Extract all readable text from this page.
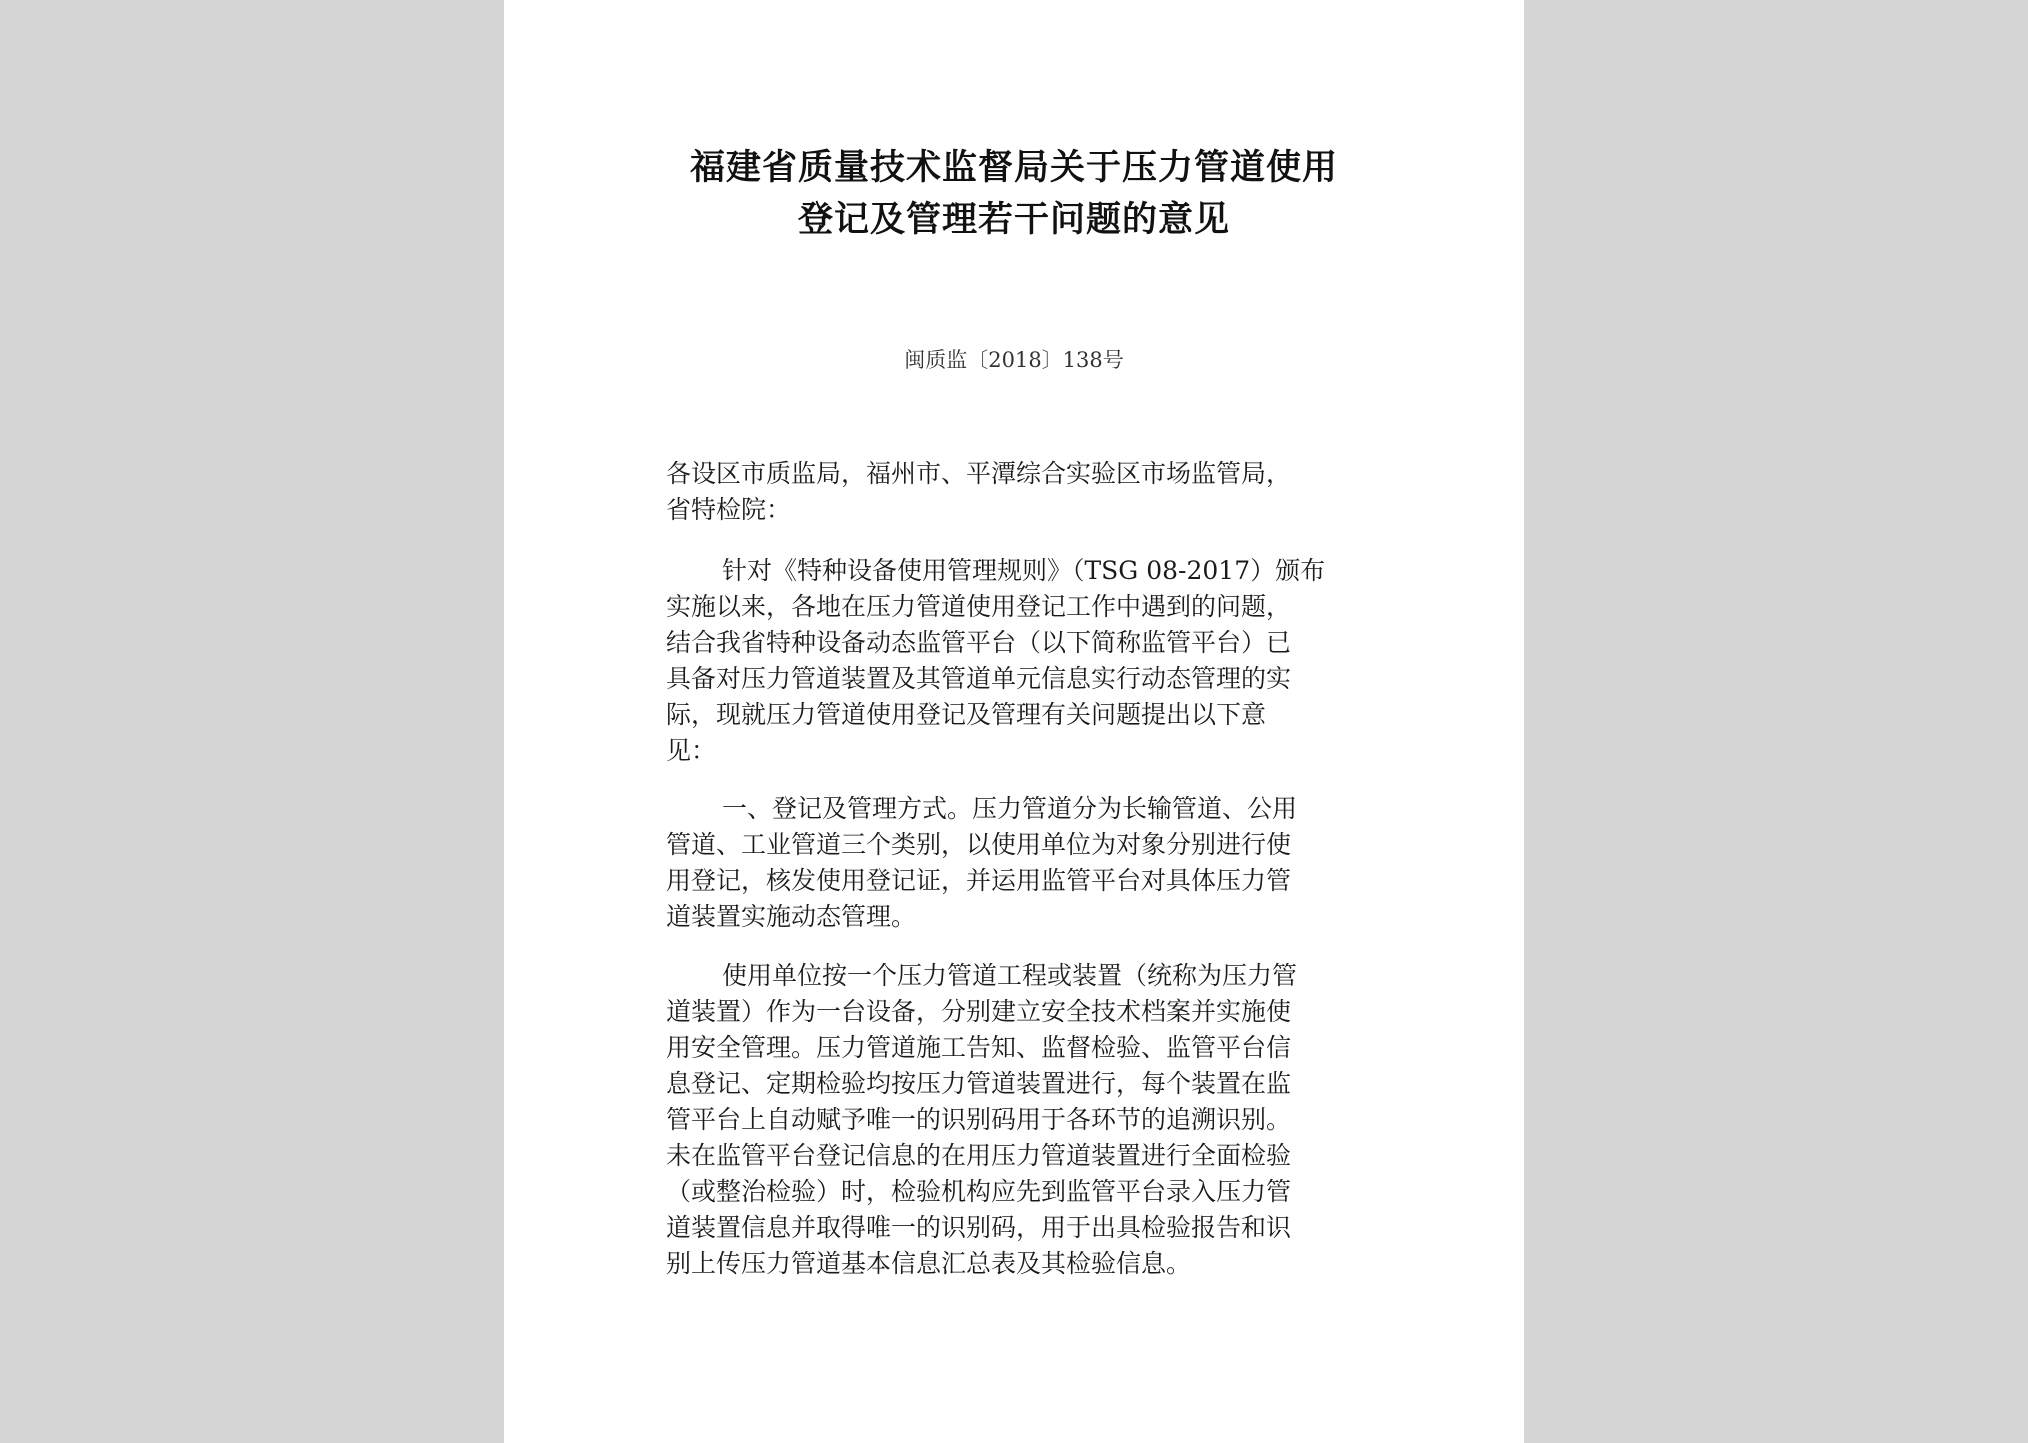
福建省质量技术监督局关于压力管道使用
登记及管理若干问题的意见
闽质监〔2018〕138号
各设区市质监局，福州市、平潭综合实验区市场监管局，
省特检院：
针对《特种设备使用管理规则》（TSG 08-2017）颁布
实施以来，各地在压力管道使用登记工作中遇到的问题，
结合我省特种设备动态监管平台（以下简称监管平台）已
具备对压力管道装置及其管道单元信息实行动态管理的实
际，现就压力管道使用登记及管理有关问题提出以下意
见：
一、登记及管理方式。压力管道分为长输管道、公用
管道、工业管道三个类别，以使用单位为对象分别进行使
用登记，核发使用登记证，并运用监管平台对具体压力管
道装置实施动态管理。
使用单位按一个压力管道工程或装置（统称为压力管
道装置）作为一台设备，分别建立安全技术档案并实施使
用安全管理。压力管道施工告知、监督检验、监管平台信
息登记、定期检验均按压力管道装置进行，每个装置在监
管平台上自动赋予唯一的识别码用于各环节的追溯识别。
未在监管平台登记信息的在用压力管道装置进行全面检验
（或整治检验）时，检验机构应先到监管平台录入压力管
道装置信息并取得唯一的识别码，用于出具检验报告和识
别上传压力管道基本信息汇总表及其检验信息。
